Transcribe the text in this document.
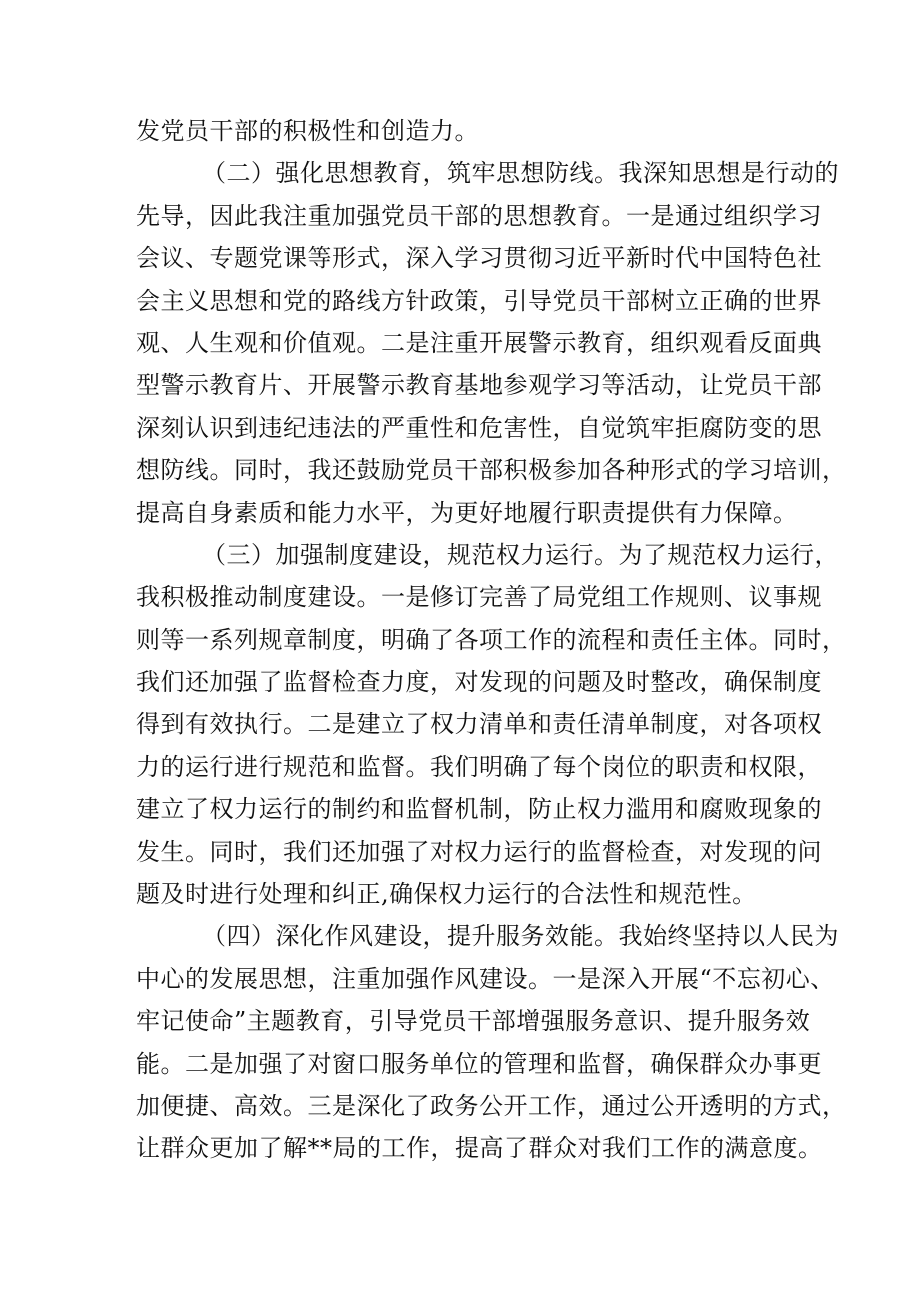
发党员干部的积极性和创造力。
（二）强化思想教育，筑牢思想防线。我深知思想是行动的
先导，因此我注重加强党员干部的思想教育。一是通过组织学习
会议、专题党课等形式，深入学习贯彻习近平新时代中国特色社
会主义思想和党的路线方针政策，引导党员干部树立正确的世界
观、人生观和价值观。二是注重开展警示教育，组织观看反面典
型警示教育片、开展警示教育基地参观学习等活动，让党员干部
深刻认识到违纪违法的严重性和危害性，自觉筑牢拒腐防变的思
想防线。同时，我还鼓励党员干部积极参加各种形式的学习培训，
提高自身素质和能力水平，为更好地履行职责提供有力保障。
（三）加强制度建设，规范权力运行。为了规范权力运行，
我积极推动制度建设。一是修订完善了局党组工作规则、议事规
则等一系列规章制度，明确了各项工作的流程和责任主体。同时，
我们还加强了监督检查力度，对发现的问题及时整改，确保制度
得到有效执行。二是建立了权力清单和责任清单制度，对各项权
力的运行进行规范和监督。我们明确了每个岗位的职责和权限，
建立了权力运行的制约和监督机制，防止权力滥用和腐败现象的
发生。同时，我们还加强了对权力运行的监督检查，对发现的问
题及时进行处理和纠正,确保权力运行的合法性和规范性。
（四）深化作风建设，提升服务效能。我始终坚持以人民为
中心的发展思想，注重加强作风建设。一是深入开展“不忘初心、
牢记使命”主题教育，引导党员干部增强服务意识、提升服务效
能。二是加强了对窗口服务单位的管理和监督，确保群众办事更
加便捷、高效。三是深化了政务公开工作，通过公开透明的方式，
让群众更加了解**局的工作，提高了群众对我们工作的满意度。
